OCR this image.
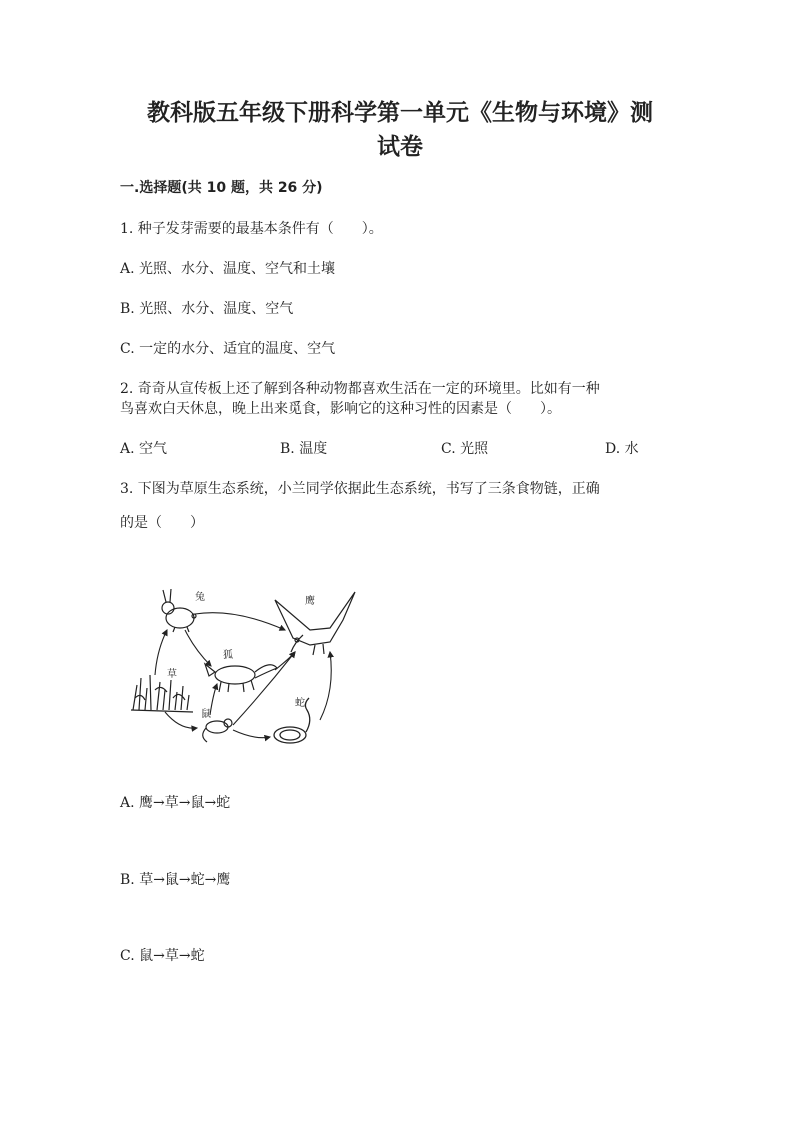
教科版五年级下册科学第一单元《生物与环境》测
试卷
一.选择题(共 10 题，共 26 分)
1. 种子发芽需要的最基本条件有（　　）。
A. 光照、水分、温度、空气和土壤
B. 光照、水分、温度、空气
C. 一定的水分、适宜的温度、空气
2. 奇奇从宣传板上还了解到各种动物都喜欢生活在一定的环境里。比如有一种
鸟喜欢白天休息，晚上出来觅食，影响它的这种习性的因素是（　　）。
A. 空气	B. 温度	C. 光照	D. 水
3. 下图为草原生态系统，小兰同学依据此生态系统，书写了三条食物链，正确
的是（　　）
草
兔
狐
鹰
鼠
蛇
A. 鹰→草→鼠→蛇
B. 草→鼠→蛇→鹰
C. 鼠→草→蛇
